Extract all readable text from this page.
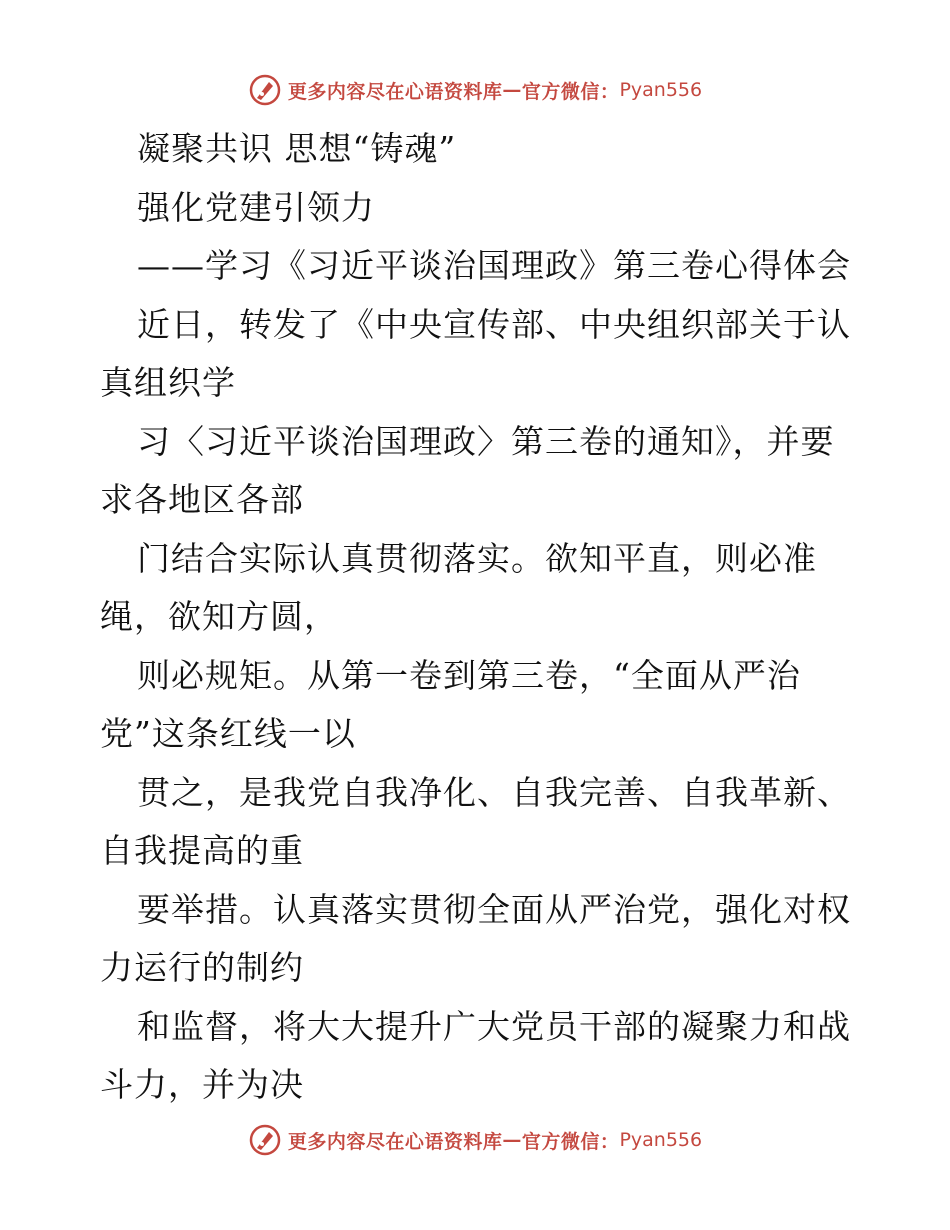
更多内容尽在心语资料库 — 官方微信： Pyan556
凝聚共识 思想“铸魂”
强化党建引领力
——学习《习近平谈治国理政》第三卷心得体会
近日，转发了《中央宣传部、中央组织部关于认
真组织学
习〈习近平谈治国理政〉第三卷的通知》，并要
求各地区各部
门结合实际认真贯彻落实。欲知平直，则必准
绳，欲知方圆，
则必规矩。从第一卷到第三卷，“全面从严治
党”这条红线一以
贯之，是我党自我净化、自我完善、自我革新、
自我提高的重
要举措。认真落实贯彻全面从严治党，强化对权
力运行的制约
和监督，将大大提升广大党员干部的凝聚力和战
斗力，并为决
更多内容尽在心语资料库 — 官方微信： Pyan556
